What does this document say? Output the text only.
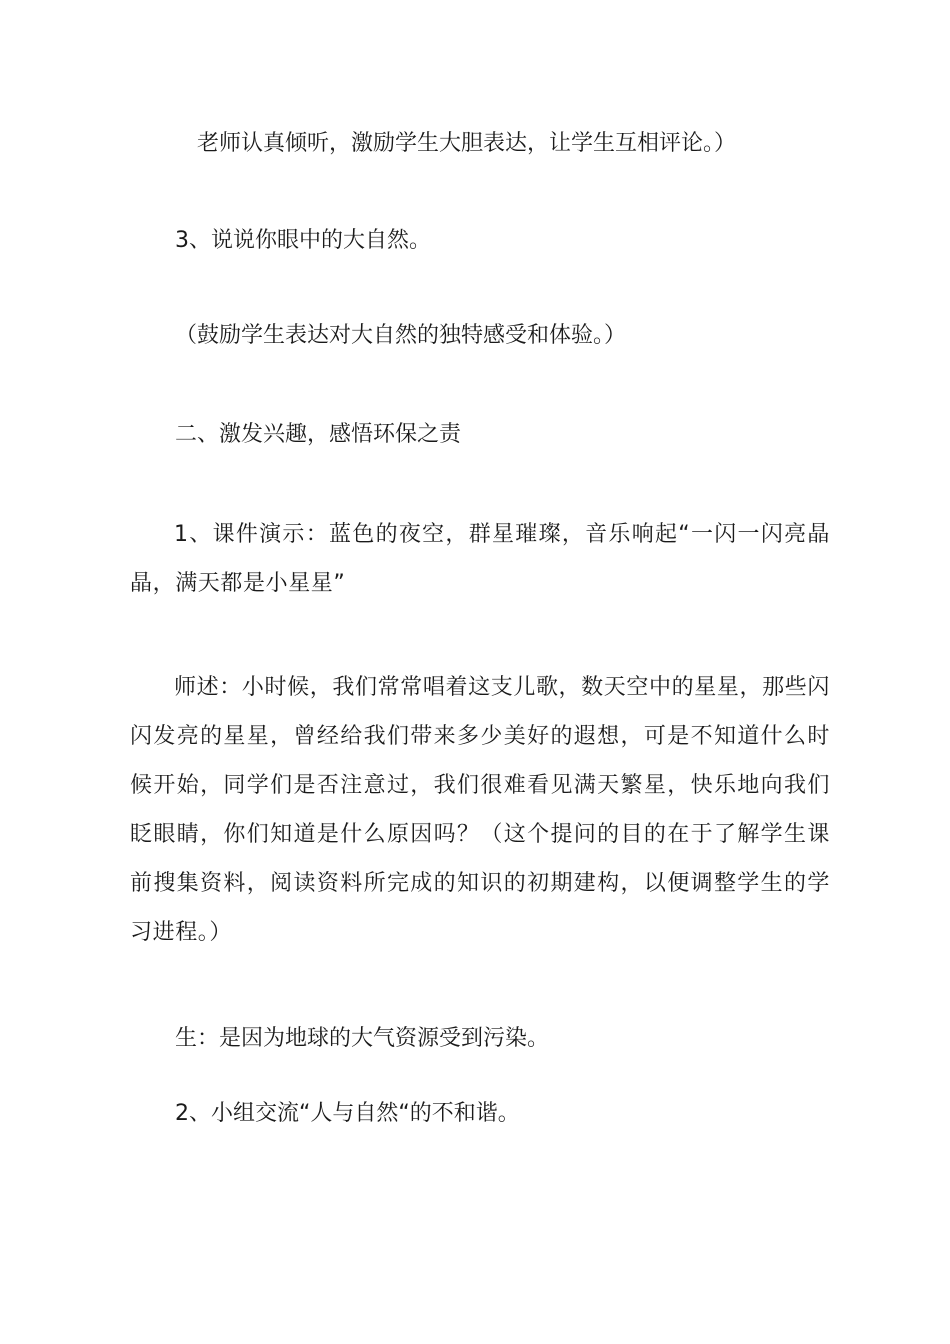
老师认真倾听，激励学生大胆表达，让学生互相评论。）
3、说说你眼中的大自然。
（鼓励学生表达对大自然的独特感受和体验。）
二、激发兴趣，感悟环保之责
1、课件演示：蓝色的夜空，群星璀璨，音乐响起“一闪一闪亮晶晶，满天都是小星星”
师述：小时候，我们常常唱着这支儿歌，数天空中的星星，那些闪闪发亮的星星，曾经给我们带来多少美好的遐想，可是不知道什么时候开始，同学们是否注意过，我们很难看见满天繁星，快乐地向我们眨眼睛，你们知道是什么原因吗？（这个提问的目的在于了解学生课前搜集资料，阅读资料所完成的知识的初期建构，以便调整学生的学习进程。）
生：是因为地球的大气资源受到污染。
2、小组交流“人与自然“的不和谐。
